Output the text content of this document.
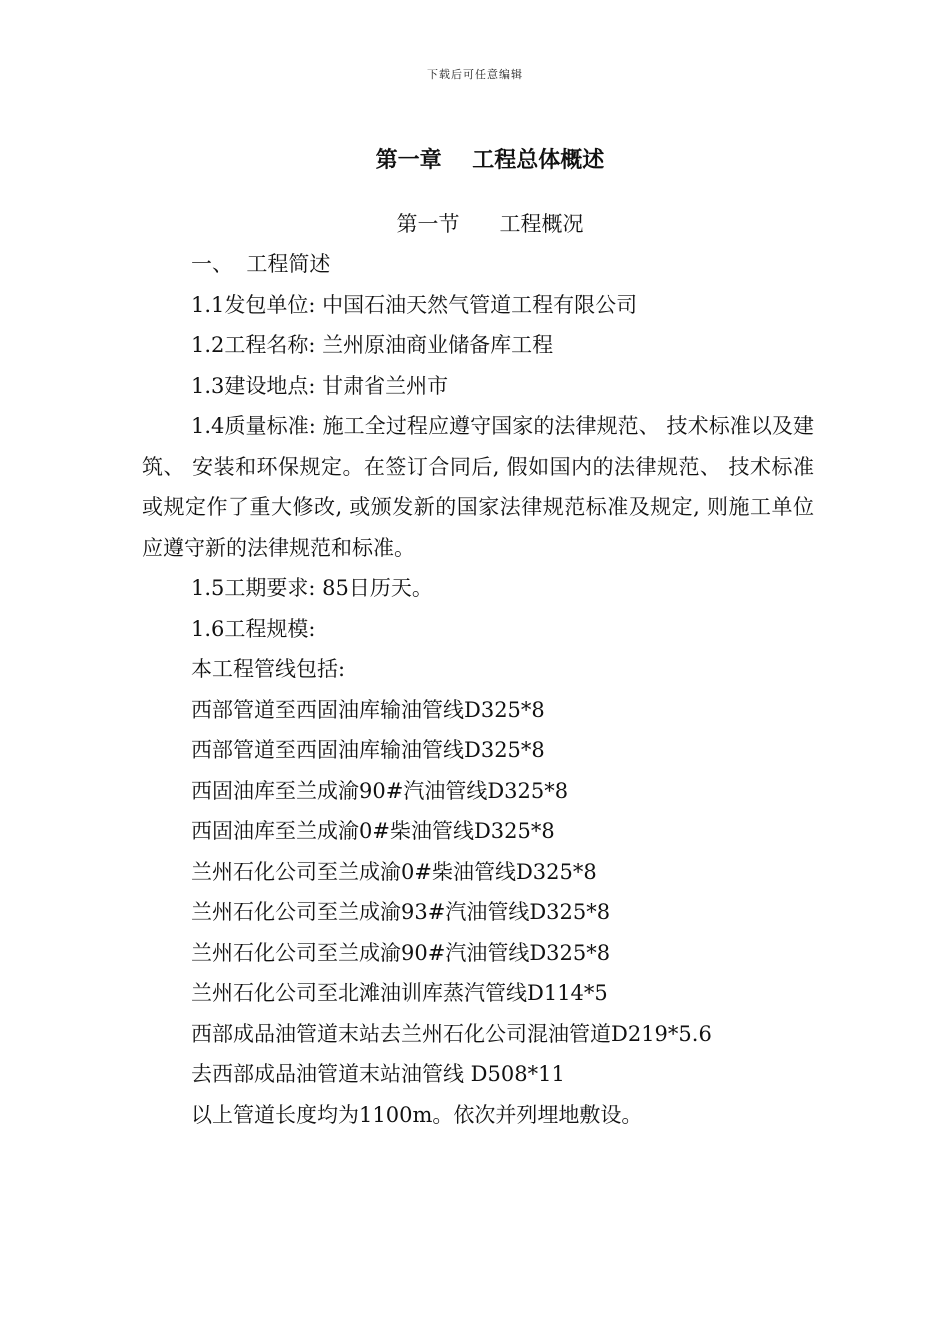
下载后可任意编辑
第一章    工程总体概述
第一节      工程概况
一、  工程简述
1.1发包单位: 中国石油天然气管道工程有限公司
1.2工程名称: 兰州原油商业储备库工程
1.3建设地点: 甘肃省兰州市

1.4质量标准: 施工全过程应遵守国家的法律规范、 技术标准以及建筑、 安装和环保规定。在签订合同后, 假如国内的法律规范、 技术标准或规定作了重大修改, 或颁发新的国家法律规范标准及规定, 则施工单位应遵守新的法律规范和标准。

1.5工期要求: 85日历天。
1.6工程规模:
本工程管线包括:
西部管道至西固油库输油管线D325*8
西部管道至西固油库输油管线D325*8
西固油库至兰成渝90#汽油管线D325*8
西固油库至兰成渝0#柴油管线D325*8
兰州石化公司至兰成渝0#柴油管线D325*8
兰州石化公司至兰成渝93#汽油管线D325*8
兰州石化公司至兰成渝90#汽油管线D325*8
兰州石化公司至北滩油训库蒸汽管线D114*5
西部成品油管道末站去兰州石化公司混油管道D219*5.6
去西部成品油管道末站油管线 D508*11
以上管道长度均为1100m。依次并列埋地敷设。
